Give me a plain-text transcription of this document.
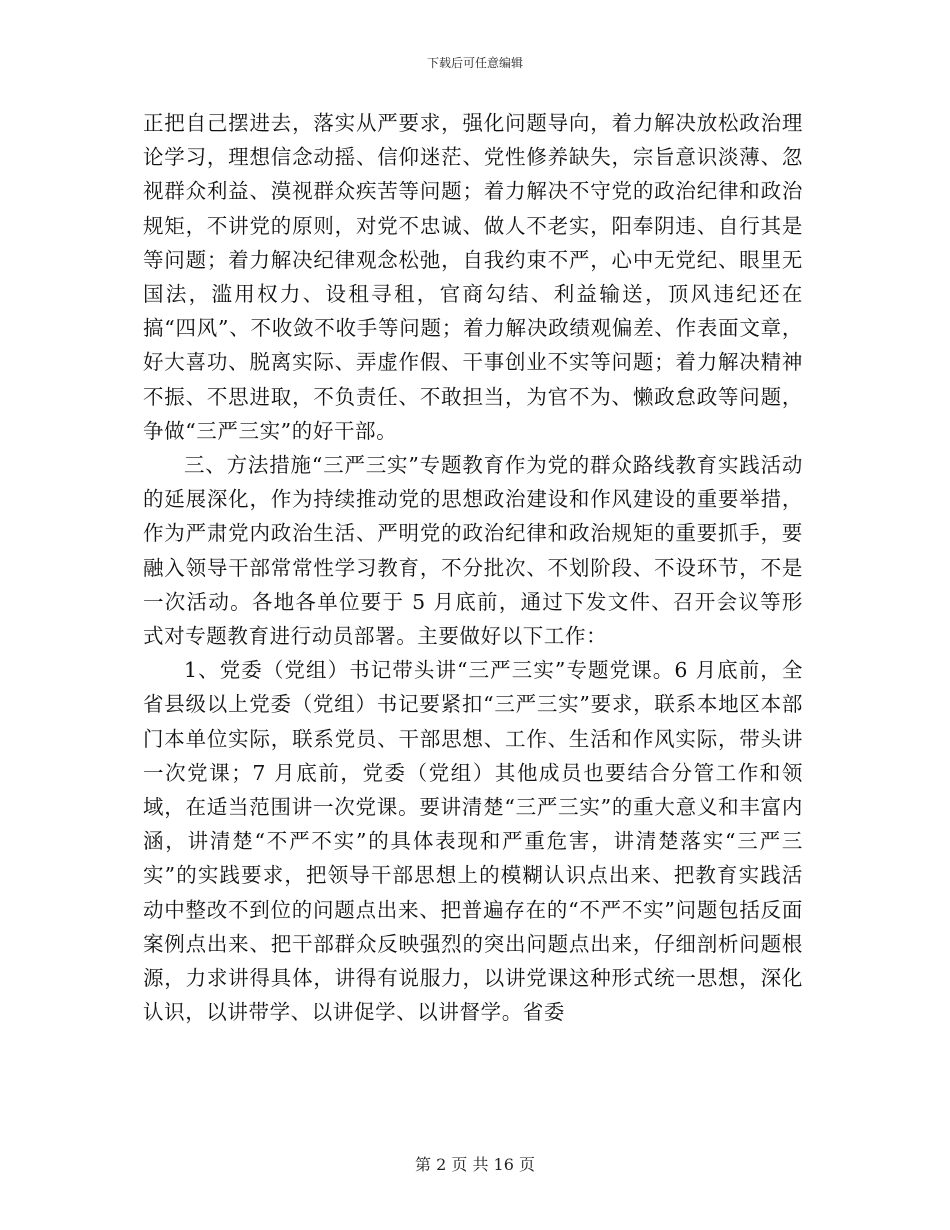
下载后可任意编辑

正把自己摆进去，落实从严要求，强化问题导向，着力解决放松政治理论学习，理想信念动摇、信仰迷茫、党性修养缺失，宗旨意识淡薄、忽视群众利益、漠视群众疾苦等问题；着力解决不守党的政治纪律和政治规矩，不讲党的原则，对党不忠诚、做人不老实，阳奉阴违、自行其是等问题；着力解决纪律观念松弛，自我约束不严，心中无党纪、眼里无国法，滥用权力、设租寻租，官商勾结、利益输送，顶风违纪还在搞“四风”、不收敛不收手等问题；着力解决政绩观偏差、作表面文章，好大喜功、脱离实际、弄虚作假、干事创业不实等问题；着力解决精神不振、不思进取，不负责任、不敢担当，为官不为、懒政怠政等问题，争做“三严三实”的好干部。

三、方法措施“三严三实”专题教育作为党的群众路线教育实践活动的延展深化，作为持续推动党的思想政治建设和作风建设的重要举措，作为严肃党内政治生活、严明党的政治纪律和政治规矩的重要抓手，要融入领导干部常常性学习教育，不分批次、不划阶段、不设环节，不是一次活动。各地各单位要于 5 月底前，通过下发文件、召开会议等形式对专题教育进行动员部署。主要做好以下工作：

1、党委（党组）书记带头讲“三严三实”专题党课。6 月底前，全省县级以上党委（党组）书记要紧扣“三严三实”要求，联系本地区本部门本单位实际，联系党员、干部思想、工作、生活和作风实际，带头讲一次党课；7 月底前，党委（党组）其他成员也要结合分管工作和领域，在适当范围讲一次党课。要讲清楚“三严三实”的重大意义和丰富内涵，讲清楚“不严不实”的具体表现和严重危害，讲清楚落实“三严三实”的实践要求，把领导干部思想上的模糊认识点出来、把教育实践活动中整改不到位的问题点出来、把普遍存在的“不严不实”问题包括反面案例点出来、把干部群众反映强烈的突出问题点出来，仔细剖析问题根源，力求讲得具体，讲得有说服力，以讲党课这种形式统一思想，深化认识，以讲带学、以讲促学、以讲督学。省委

第 2 页 共 16 页
